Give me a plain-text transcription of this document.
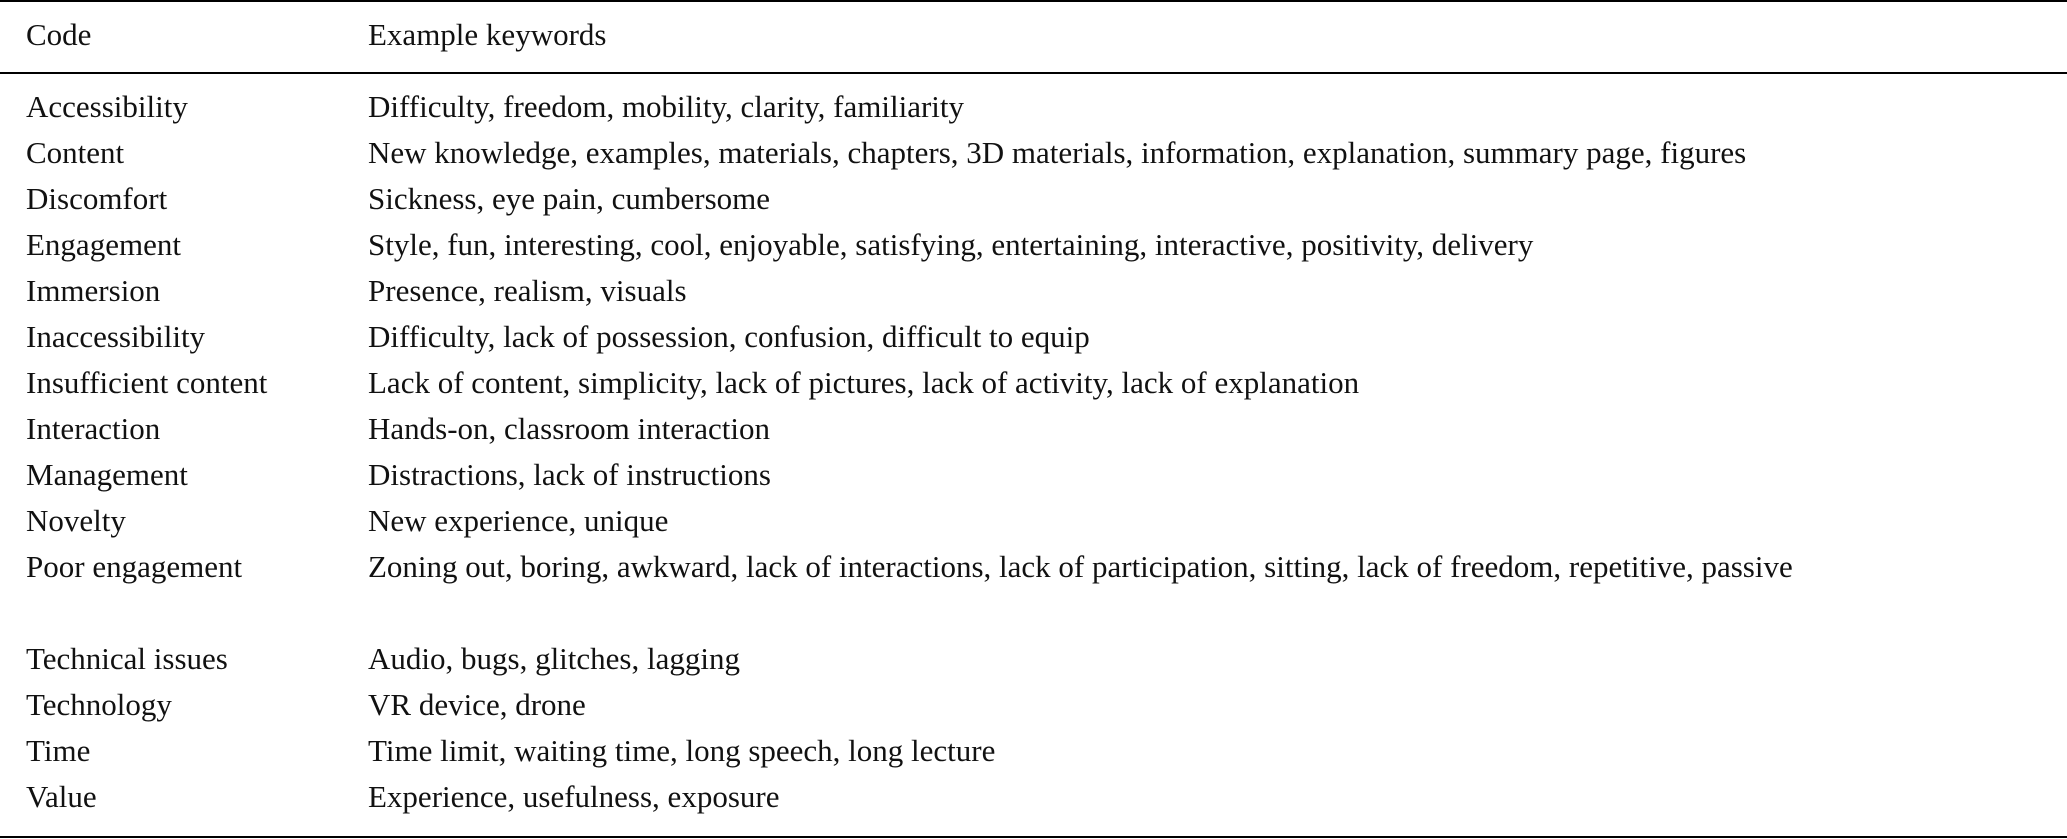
Code	Example keywords
Accessibility	Difficulty, freedom, mobility, clarity, familiarity
Content	New knowledge, examples, materials, chapters, 3D materials, information, explanation, summary page, figures
Discomfort	Sickness, eye pain, cumbersome
Engagement	Style, fun, interesting, cool, enjoyable, satisfying, entertaining, interactive, positivity, delivery
Immersion	Presence, realism, visuals
Inaccessibility	Difficulty, lack of possession, confusion, difficult to equip
Insufficient content	Lack of content, simplicity, lack of pictures, lack of activity, lack of explanation
Interaction	Hands-on, classroom interaction
Management	Distractions, lack of instructions
Novelty	New experience, unique
Poor engagement	Zoning out, boring, awkward, lack of interactions, lack of participation, sitting, lack of freedom, repetitive, passive
Technical issues	Audio, bugs, glitches, lagging
Technology	VR device, drone
Time	Time limit, waiting time, long speech, long lecture
Value	Experience, usefulness, exposure
